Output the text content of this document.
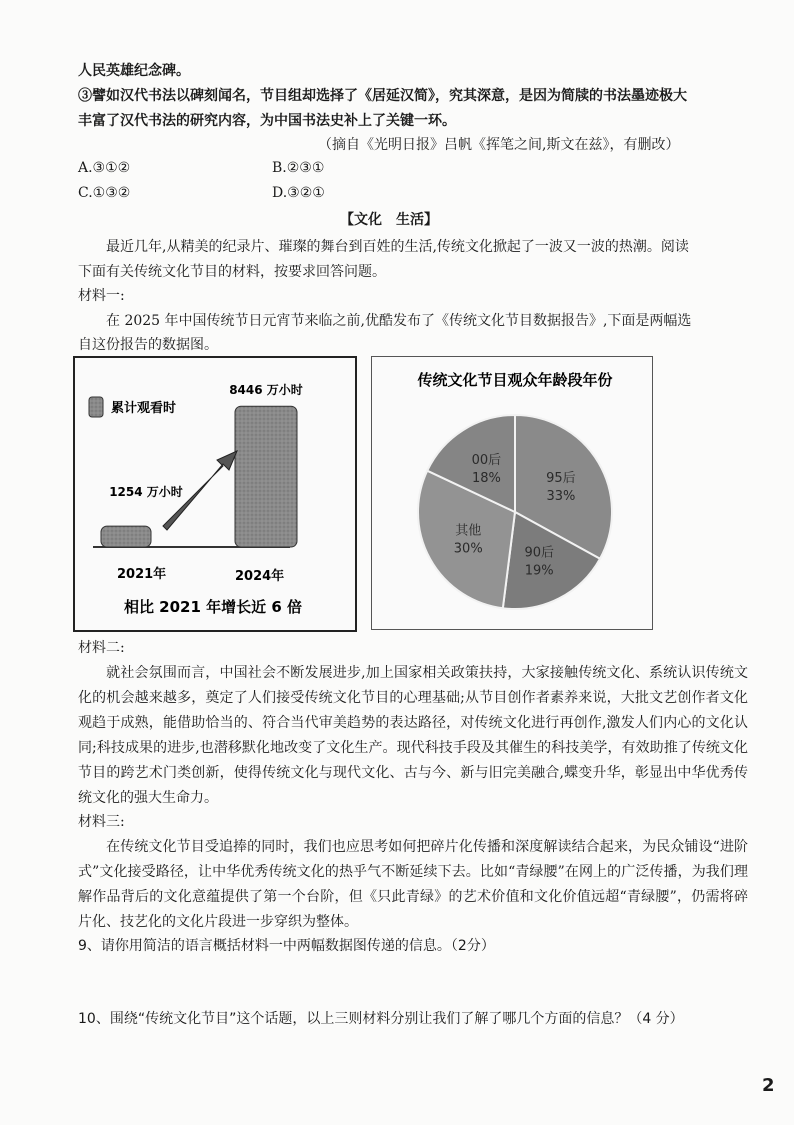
人民英雄纪念碑。
③譬如汉代书法以碑刻闻名，节目组却选择了《居延汉简》，究其深意，是因为简牍的书法墨迹极大
丰富了汉代书法的研究内容，为中国书法史补上了关键一环。
（摘自《光明日报》吕帆《挥笔之间,斯文在兹》，有删改）
A.③①②	B.②③①
C.①③②	D.③②①
【文化　生活】
最近几年,从精美的纪录片、璀璨的舞台到百姓的生活,传统文化掀起了一波又一波的热潮。阅读
下面有关传统文化节目的材料，按要求回答问题。
材料一:
在 2025 年中国传统节日元宵节来临之前,优酷发布了《传统文化节目数据报告》,下面是两幅选
自这份报告的数据图。
累计观看时
1254 万小时
8446 万小时
2021年	2024年
相比 2021 年增长近 6 倍
传统文化节目观众年龄段年份
95后
33%
90后
19%
其他
30%
00后
18%
材料二:
就社会氛围而言，中国社会不断发展进步,加上国家相关政策扶持，大家接触传统文化、系统认识传统文化的机会越来越多，奠定了人们接受传统文化节目的心理基础;从节目创作者素养来说，大批文艺创作者文化观趋于成熟，能借助恰当的、符合当代审美趋势的表达路径，对传统文化进行再创作,激发人们内心的文化认同;科技成果的进步,也潜移默化地改变了文化生产。现代科技手段及其催生的科技美学，有效助推了传统文化节目的跨艺术门类创新，使得传统文化与现代文化、古与今、新与旧完美融合,蝶变升华，彰显出中华优秀传统文化的强大生命力。
材料三:
在传统文化节目受追捧的同时，我们也应思考如何把碎片化传播和深度解读结合起来，为民众铺设“进阶式”文化接受路径，让中华优秀传统文化的热乎气不断延续下去。比如“青绿腰”在网上的广泛传播，为我们理解作品背后的文化意蕴提供了第一个台阶，但《只此青绿》的艺术价值和文化价值远超“青绿腰”，仍需将碎片化、技艺化的文化片段进一步穿织为整体。
9、请你用简洁的语言概括材料一中两幅数据图传递的信息。（2分）
10、围绕“传统文化节目”这个话题，以上三则材料分别让我们了解了哪几个方面的信息？（4 分）
2
